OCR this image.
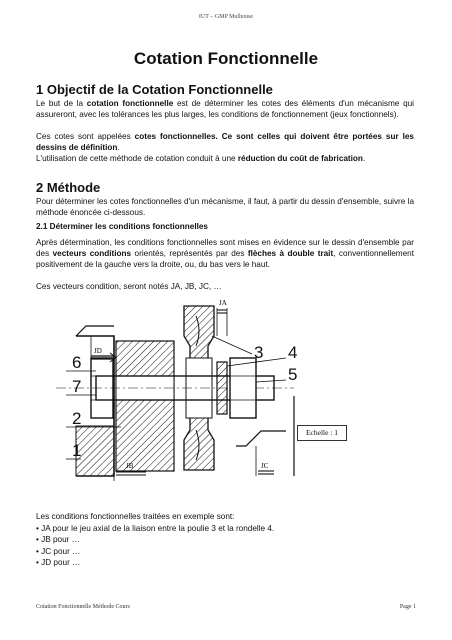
IUT – GMP Mulhouse
Cotation Fonctionnelle
1 Objectif de la Cotation Fonctionnelle
Le but de la cotation fonctionnelle est de déterminer les cotes des éléments d'un mécanisme qui assureront, avec les tolérances les plus larges, les conditions de fonctionnement (jeux fonctionnels).
Ces cotes sont appelées cotes fonctionnelles. Ce sont celles qui doivent être portées sur les dessins de définition.
L'utilisation de cette méthode de cotation conduit à une réduction du coût de fabrication.
2 Méthode
Pour déterminer les cotes fonctionnelles d'un mécanisme, il faut, à partir du dessin d'ensemble, suivre la méthode énoncée ci-dessous.
2.1 Déterminer les conditions fonctionnelles
Après détermination, les conditions fonctionnelles sont mises en évidence sur le dessin d'ensemble par des vecteurs conditions orientés, représentés par des flèches à double trait, conventionnellement positivement de la gauche vers la droite, ou, du bas vers le haut.
Ces vecteurs condition, seront notés JA, JB, JC, …
JD
JA
JB	JC
6
7
2
1
3 4
5
Echelle : 1
Les conditions fonctionnelles traitées en exemple sont:
• JA pour le jeu axial de la liaison entre la poulie 3 et la rondelle 4.
• JB pour …
• JC pour …
• JD pour …
Cotation Fonctionnelle Méthode Cours	Page 1
